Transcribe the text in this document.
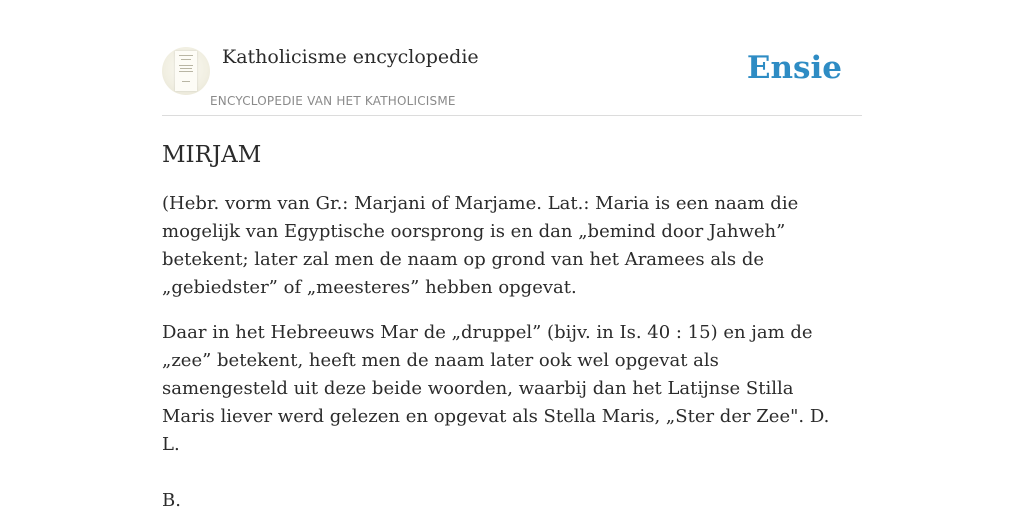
Katholicisme encyclopedie
ENCYCLOPEDIE VAN HET KATHOLICISME
Ensie
MIRJAM

(Hebr. vorm van Gr.: Marjani of Marjame. Lat.: Maria is een naam die mogelijk van Egyptische oorsprong is en dan „bemind door Jahweh” betekent; later zal men de naam op grond van het Aramees als de „gebiedster” of „meesteres” hebben opgevat.

Daar in het Hebreeuws Mar de „druppel” (bijv. in Is. 40 : 15) en jam de „zee” betekent, heeft men de naam later ook wel opgevat als samengesteld uit deze beide woorden, waarbij dan het Latijnse Stilla Maris liever werd gelezen en opgevat als Stella Maris, „Ster der Zee". D. L.

B.
